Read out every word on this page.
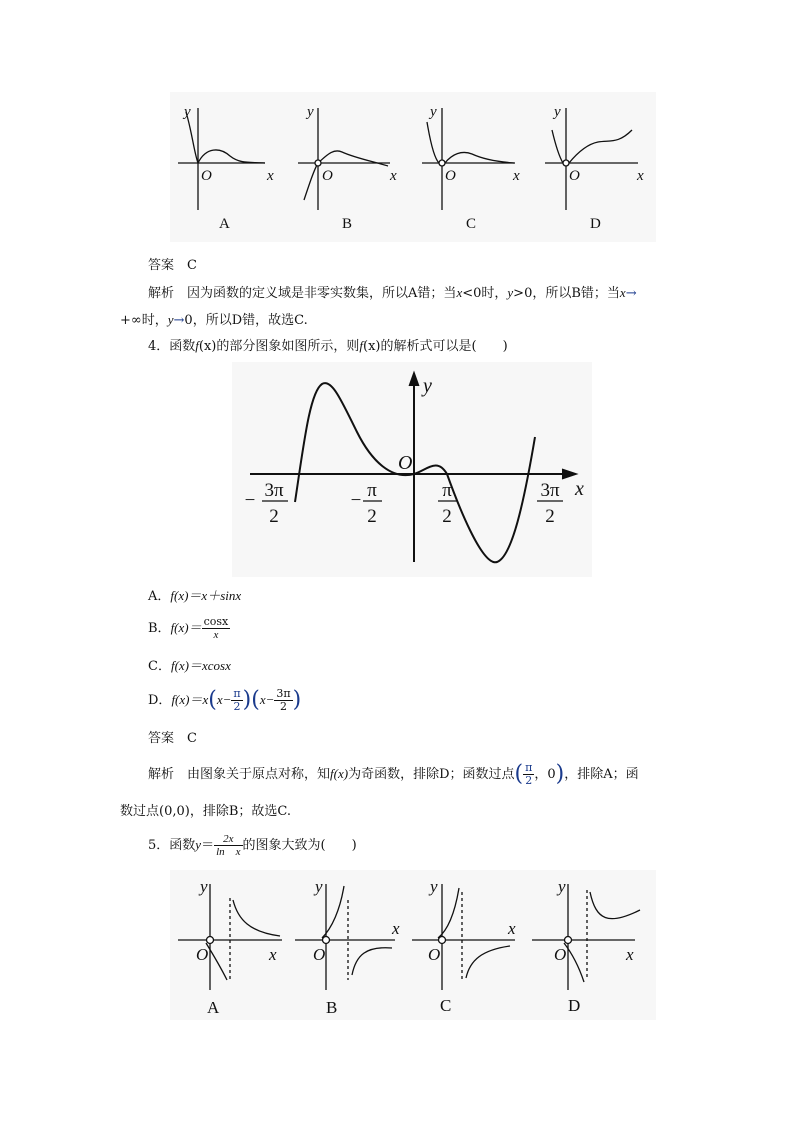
y
O	x
y
O	x
y
O	x
y
O	x
A	B	C	D
答案　 C
解析　 因为函数的定义域是非零实数集，所以A错；当x<0时，y>0，所以B错；当x→
+∞时，y→0，所以D错，故选C.
4．函数f(x)的部分图象如图所示，则f(x)的解析式可以是(　　)
y
x
O
− 3π
2
− π
2
π
2
3π
2
A．f(x)＝x＋sinx
B．$f(x)= \frac{\cos x}{x}$
C．f(x)＝xcosx
D．$f(x)=x(x- \frac{\pi}{2} )(x- \frac{3\pi}{2}$ )
答案　 C
解析　 由图象关于原点对称，知f(x)为奇函数，排除D；函数过点( $\frac{\pi}{2}$ ，0)，排除A；函
数过点(0,0)，排除B；故选C.
5．函数$y= \frac{2x}{\text{ln　x}}$ 的图象大致为(　　)
y
O	x
y
O
x
y
O
x
y
O	x
A	B	C	D
